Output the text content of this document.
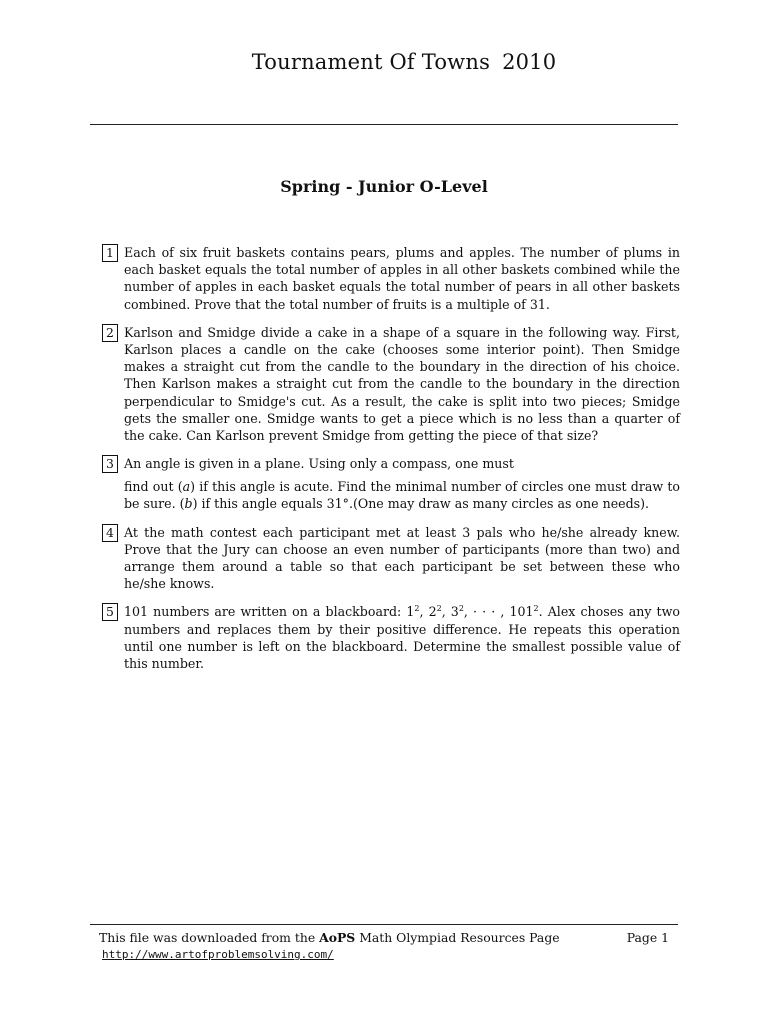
Tournament Of Towns 2010
Spring - Junior O-Level
1 Each of six fruit baskets contains pears, plums and apples. The number of plums in each basket equals the total number of apples in all other baskets combined while the number of apples in each basket equals the total number of pears in all other baskets combined. Prove that the total number of fruits is a multiple of 31.
2 Karlson and Smidge divide a cake in a shape of a square in the following way. First, Karlson places a candle on the cake (chooses some interior point). Then Smidge makes a straight cut from the candle to the boundary in the direction of his choice. Then Karlson makes a straight cut from the candle to the boundary in the direction perpendicular to Smidge's cut. As a result, the cake is split into two pieces; Smidge gets the smaller one. Smidge wants to get a piece which is no less than a quarter of the cake. Can Karlson prevent Smidge from getting the piece of that size?
3 An angle is given in a plane. Using only a compass, one must
find out (a) if this angle is acute. Find the minimal number of circles one must draw to be sure. (b) if this angle equals 31°.(One may draw as many circles as one needs).
4 At the math contest each participant met at least 3 pals who he/she already knew. Prove that the Jury can choose an even number of participants (more than two) and arrange them around a table so that each participant be set between these who he/she knows.
5 101 numbers are written on a blackboard: $1^2$, $2^2$, $3^2$, · · · , $101^2$. Alex choses any two numbers and replaces them by their positive difference. He repeats this operation until one number is left on the blackboard. Determine the smallest possible value of this number.
This file was downloaded from the AoPS Math Olympiad Resources Page	Page 1
http://www.artofproblemsolving.com/
